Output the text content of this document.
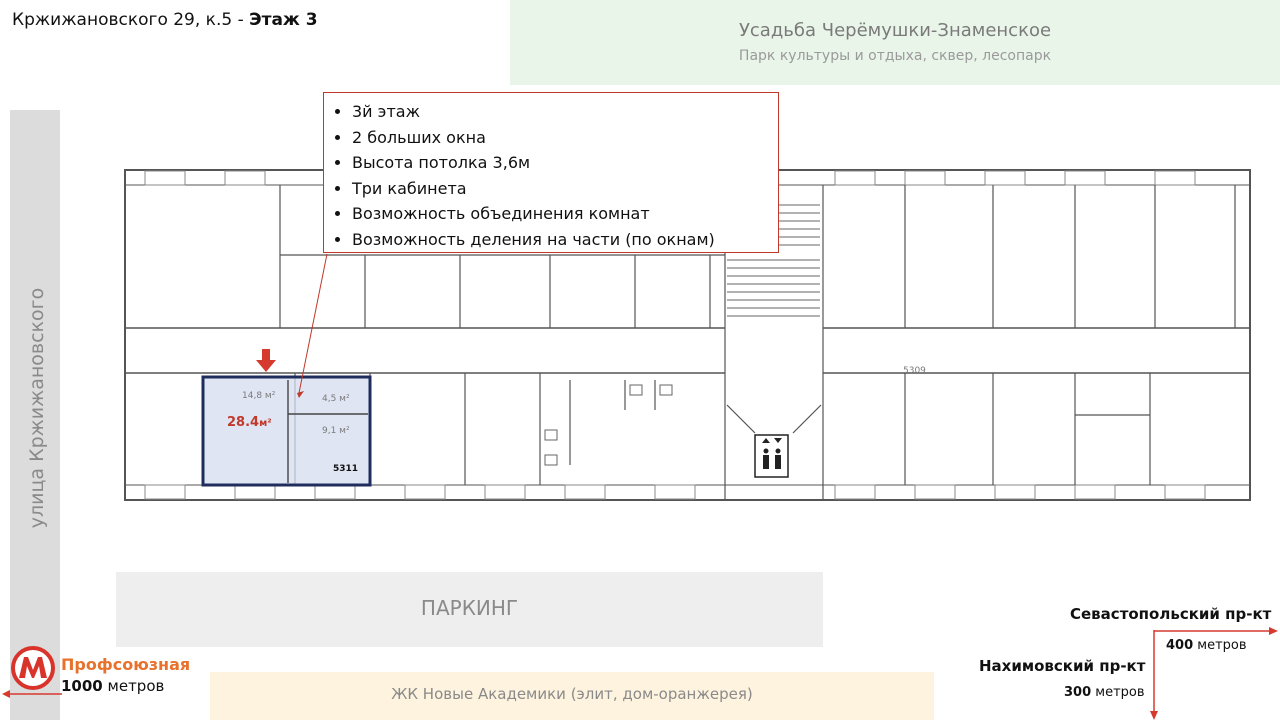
Кржижановского 29, к.5 - Этаж 3	Усадьба Черёмушки-Знаменское
Парк культуры и отдыха, сквер, лесопарк
улица Кржижановского	14,8 м²	4,5 м²
9,1 м²
28.4м²
5311
5309
• 3й этаж
• 2 больших окна
• Высота потолка 3,6м
• Три кабинета
• Возможность объединения комнат
• Возможность деления на части (по окнам)
ПАРКИНГ
ЖК Новые Академики (элит, дом-оранжерея)
Профсоюзная
1000 метров
Севастопольский пр-кт
400 метров
Нахимовский пр-кт
300 метров
